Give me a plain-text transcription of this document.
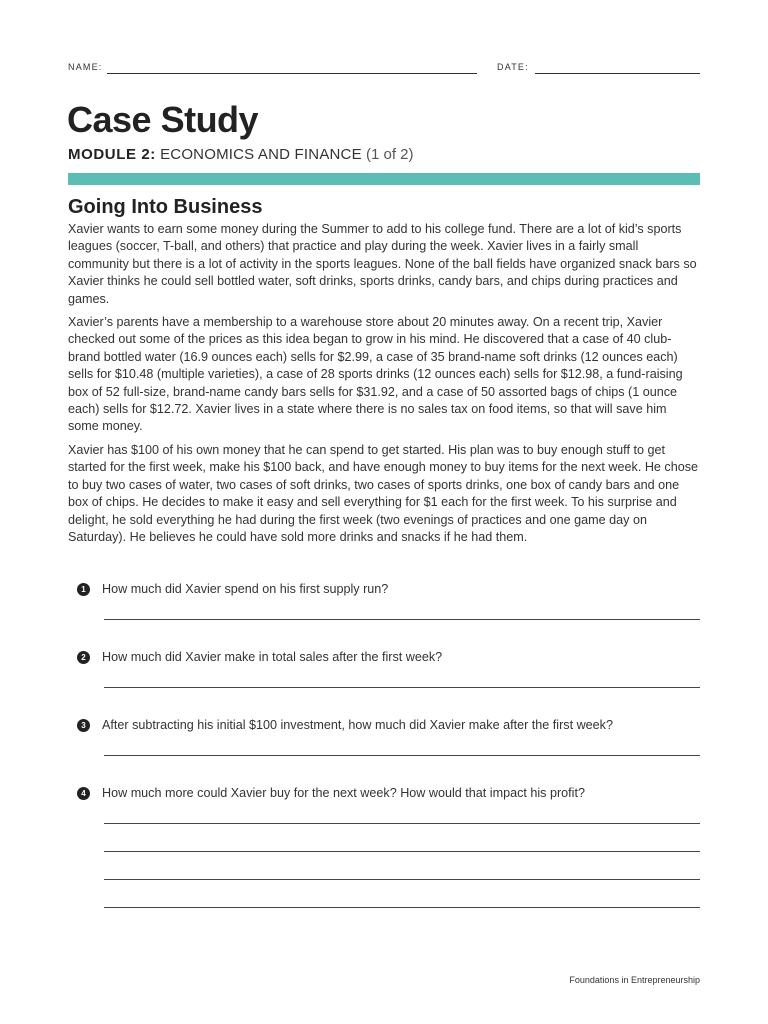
NAME:	DATE:
Case Study
MODULE 2: ECONOMICS AND FINANCE (1 of 2)
Going Into Business

Xavier wants to earn some money during the Summer to add to his college fund. There are a lot of kid’s sports leagues (soccer, T-ball, and others) that practice and play during the week. Xavier lives in a fairly small community but there is a lot of activity in the sports leagues. None of the ball fields have organized snack bars so Xavier thinks he could sell bottled water, soft drinks, sports drinks, candy bars, and chips during practices and games.

Xavier’s parents have a membership to a warehouse store about 20 minutes away. On a recent trip, Xavier checked out some of the prices as this idea began to grow in his mind. He discovered that a case of 40 club-brand bottled water (16.9 ounces each) sells for $2.99, a case of 35 brand-name soft drinks (12 ounces each) sells for $10.48 (multiple varieties), a case of 28 sports drinks (12 ounces each) sells for $12.98, a fund-raising box of 52 full-size, brand-name candy bars sells for $31.92, and a case of 50 assorted bags of chips (1 ounce each) sells for $12.72. Xavier lives in a state where there is no sales tax on food items, so that will save him some money.

Xavier has $100 of his own money that he can spend to get started. His plan was to buy enough stuff to get started for the first week, make his $100 back, and have enough money to buy items for the next week. He chose to buy two cases of water, two cases of soft drinks, two cases of sports drinks, one box of candy bars and one box of chips. He decides to make it easy and sell everything for $1 each for the first week. To his surprise and delight, he sold everything he had during the first week (two evenings of practices and one game day on Saturday). He believes he could have sold more drinks and snacks if he had them.

1	How much did Xavier spend on his first supply run?
2	How much did Xavier make in total sales after the first week?
3	After subtracting his initial $100 investment, how much did Xavier make after the first week?
4	How much more could Xavier buy for the next week? How would that impact his profit?
Foundations in Entrepreneurship
